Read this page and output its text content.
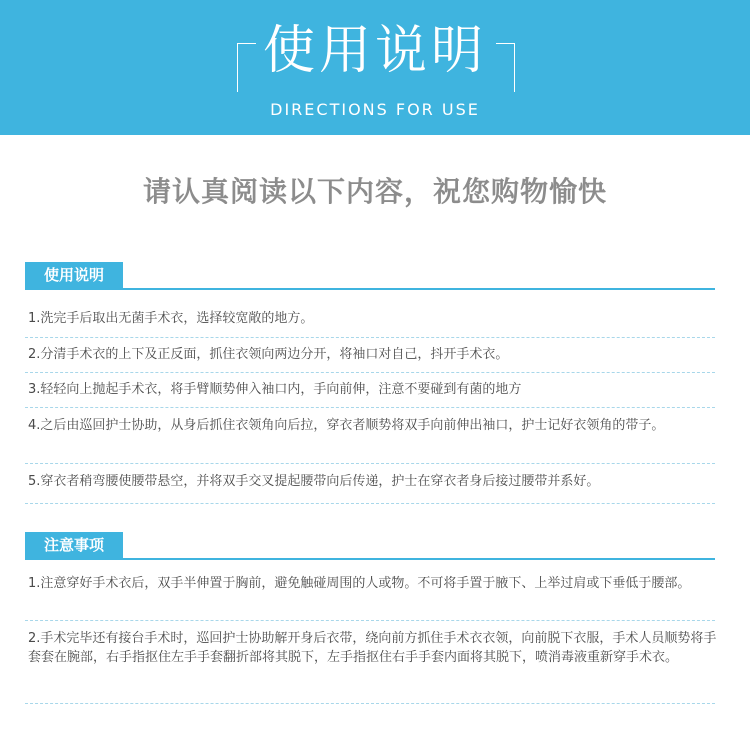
使用说明
DIRECTIONS FOR USE
请认真阅读以下内容，祝您购物愉快
使用说明
1.洗完手后取出无菌手术衣，选择较宽敞的地方。
2.分清手术衣的上下及正反面，抓住衣领向两边分开，将袖口对自己，抖开手术衣。
3.轻轻向上抛起手术衣，将手臂顺势伸入袖口内，手向前伸，注意不要碰到有菌的地方
4.之后由巡回护士协助，从身后抓住衣领角向后拉，穿衣者顺势将双手向前伸出袖口，护士记好衣领角的带子。
5.穿衣者稍弯腰使腰带悬空，并将双手交叉提起腰带向后传递，护士在穿衣者身后接过腰带并系好。
注意事项
1.注意穿好手术衣后，双手半伸置于胸前，避免触碰周围的人或物。不可将手置于腋下、上举过肩或下垂低于腰部。
2.手术完毕还有接台手术时，巡回护士协助解开身后衣带，绕向前方抓住手术衣衣领，向前脱下衣服，手术人员顺势将手套套在腕部，右手指抠住左手手套翻折部将其脱下，左手指抠住右手手套内面将其脱下，喷消毒液重新穿手术衣。
